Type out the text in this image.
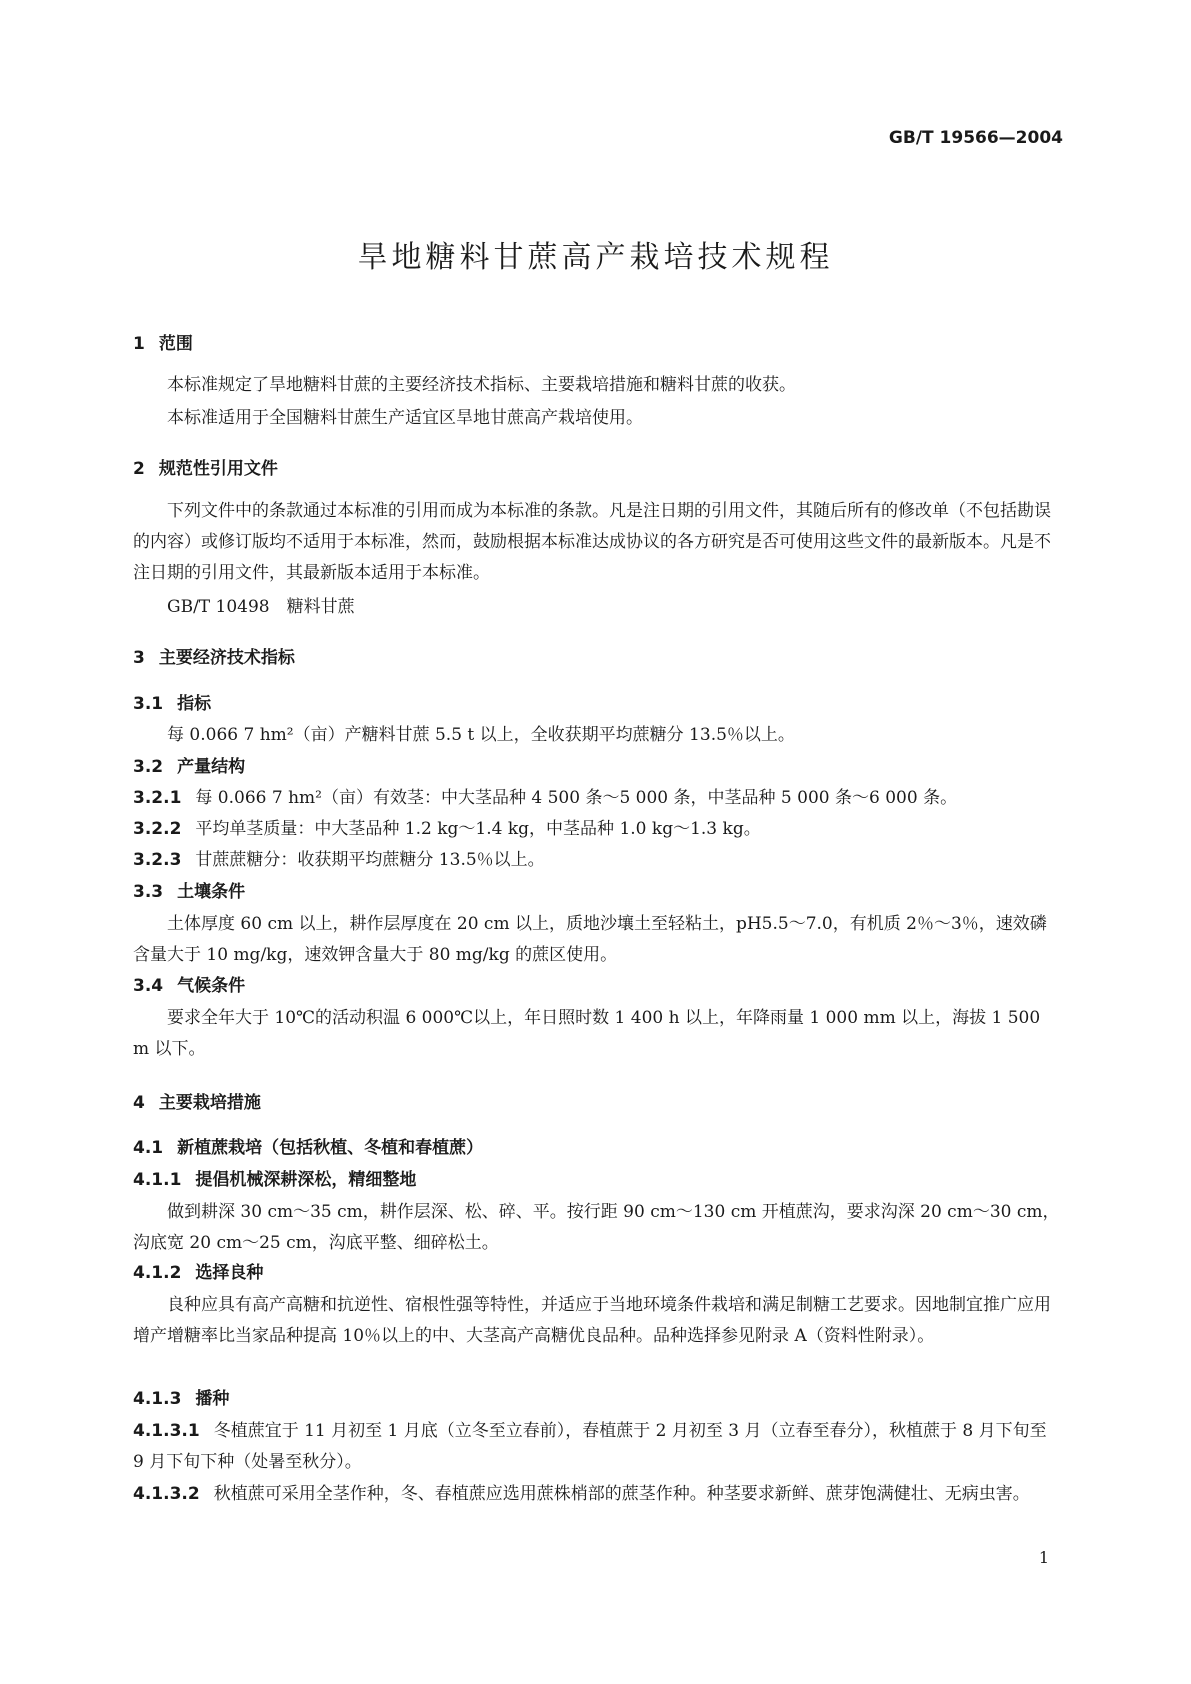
GB/T 19566—2004
旱地糖料甘蔗高产栽培技术规程
1 范围
本标准规定了旱地糖料甘蔗的主要经济技术指标、主要栽培措施和糖料甘蔗的收获。
本标准适用于全国糖料甘蔗生产适宜区旱地甘蔗高产栽培使用。
2 规范性引用文件
下列文件中的条款通过本标准的引用而成为本标准的条款。凡是注日期的引用文件，其随后所有的修改单（不包括勘误的内容）或修订版均不适用于本标准，然而，鼓励根据本标准达成协议的各方研究是否可使用这些文件的最新版本。凡是不注日期的引用文件，其最新版本适用于本标准。
GB/T 10498　糖料甘蔗
3 主要经济技术指标
3.1 指标
每 0.066 7 hm²（亩）产糖料甘蔗 5.5 t 以上，全收获期平均蔗糖分 13.5％以上。
3.2 产量结构
3.2.1 每 0.066 7 hm²（亩）有效茎：中大茎品种 4 500 条～5 000 条，中茎品种 5 000 条～6 000 条。
3.2.2 平均单茎质量：中大茎品种 1.2 kg～1.4 kg，中茎品种 1.0 kg～1.3 kg。
3.2.3 甘蔗蔗糖分：收获期平均蔗糖分 13.5％以上。
3.3 土壤条件
土体厚度 60 cm 以上，耕作层厚度在 20 cm 以上，质地沙壤土至轻粘土，pH5.5～7.0，有机质 2％～3％，速效磷含量大于 10 mg/kg，速效钾含量大于 80 mg/kg 的蔗区使用。
3.4 气候条件
要求全年大于 10℃的活动积温 6 000℃以上，年日照时数 1 400 h 以上，年降雨量 1 000 mm 以上，海拔 1 500 m 以下。
4 主要栽培措施
4.1 新植蔗栽培（包括秋植、冬植和春植蔗）
4.1.1 提倡机械深耕深松，精细整地
做到耕深 30 cm～35 cm，耕作层深、松、碎、平。按行距 90 cm～130 cm 开植蔗沟，要求沟深 20 cm～30 cm，沟底宽 20 cm～25 cm，沟底平整、细碎松土。
4.1.2 选择良种
良种应具有高产高糖和抗逆性、宿根性强等特性，并适应于当地环境条件栽培和满足制糖工艺要求。因地制宜推广应用增产增糖率比当家品种提高 10％以上的中、大茎高产高糖优良品种。品种选择参见附录 A（资料性附录）。
4.1.3 播种
4.1.3.1 冬植蔗宜于 11 月初至 1 月底（立冬至立春前），春植蔗于 2 月初至 3 月（立春至春分），秋植蔗于 8 月下旬至 9 月下旬下种（处暑至秋分）。
4.1.3.2 秋植蔗可采用全茎作种，冬、春植蔗应选用蔗株梢部的蔗茎作种。种茎要求新鲜、蔗芽饱满健壮、无病虫害。
1
